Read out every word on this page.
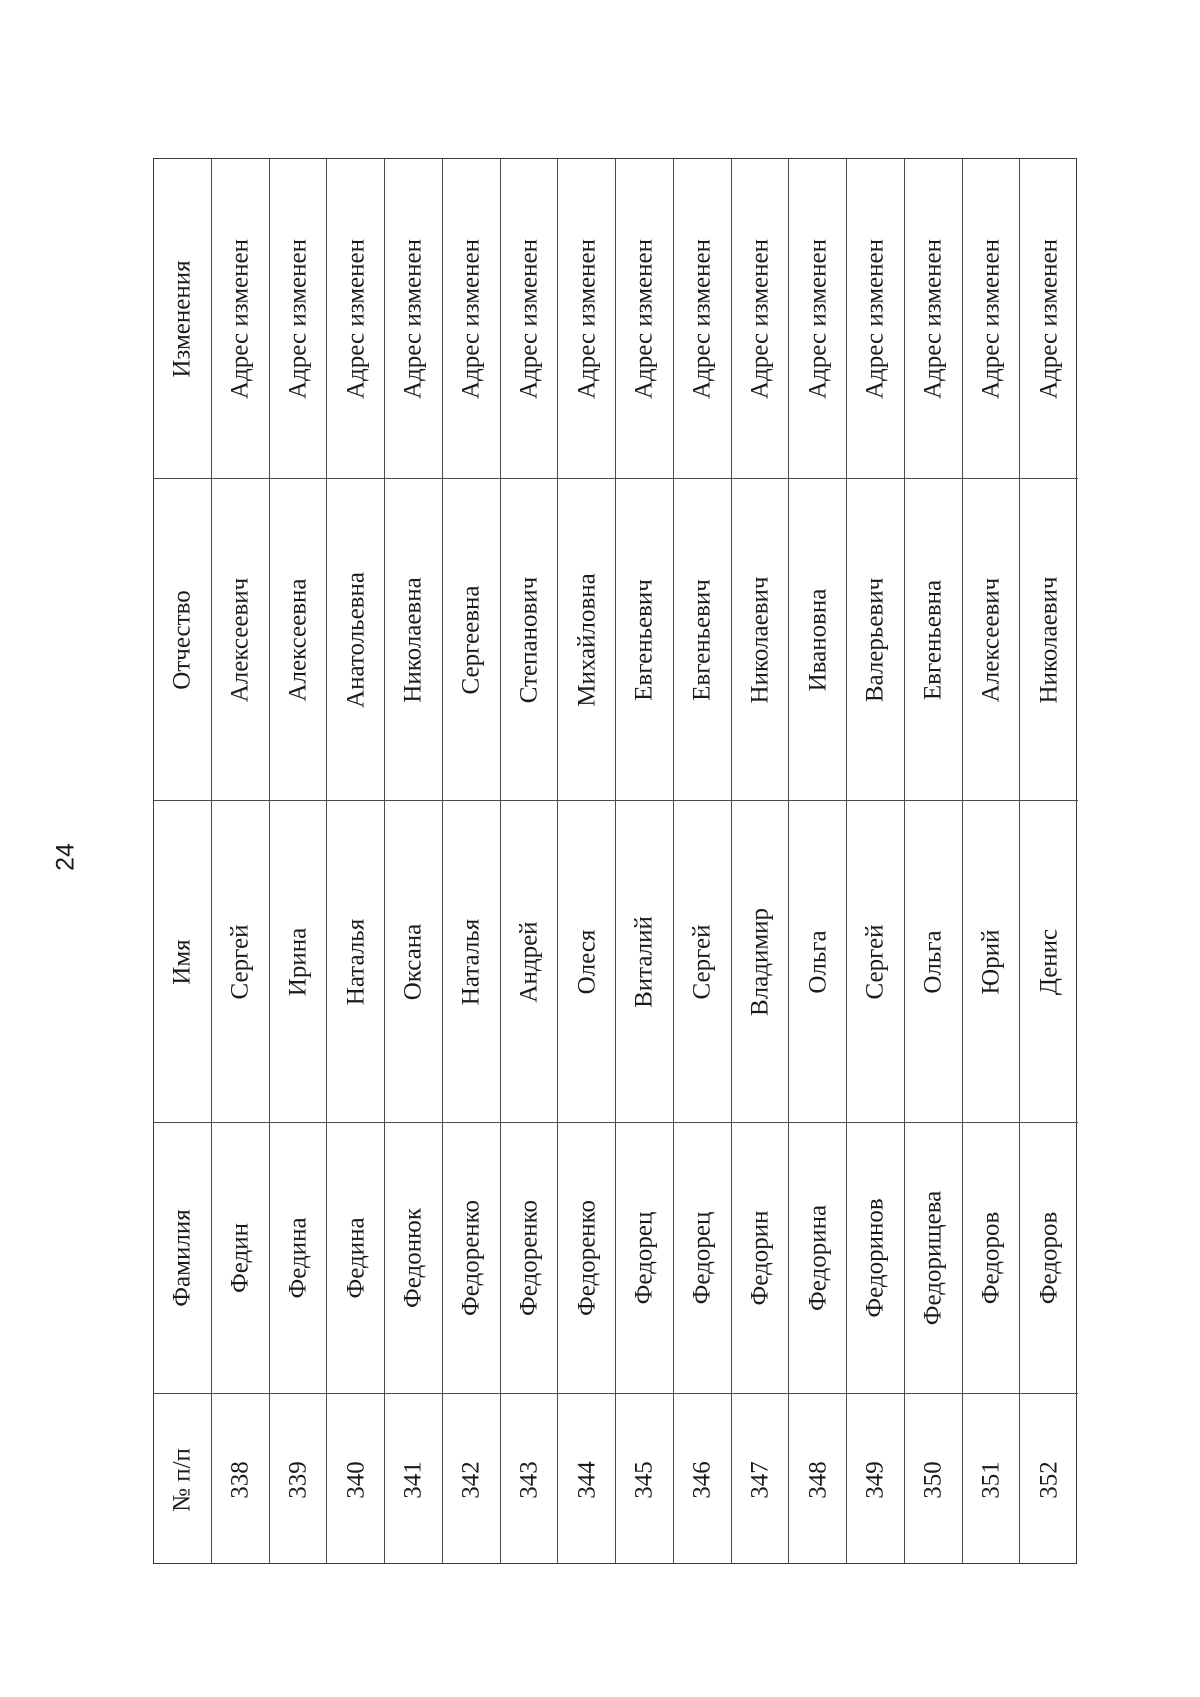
24
Изменения
Отчество
Имя
Фамилия
№ п/п
Адрес изменен
Алексеевич
Сергей
Федин
338
Адрес изменен
Алексеевна
Ирина
Федина
339
Адрес изменен
Анатольевна
Наталья
Федина
340
Адрес изменен
Николаевна
Оксана
Федонюк
341
Адрес изменен
Сергеевна
Наталья
Федоренко
342
Адрес изменен
Степанович
Андрей
Федоренко
343
Адрес изменен
Михайловна
Олеся
Федоренко
344
Адрес изменен
Евгеньевич
Виталий
Федорец
345
Адрес изменен
Евгеньевич
Сергей
Федорец
346
Адрес изменен
Николаевич
Владимир
Федорин
347
Адрес изменен
Ивановна
Ольга
Федорина
348
Адрес изменен
Валерьевич
Сергей
Федоринов
349
Адрес изменен
Евгеньевна
Ольга
Федорищева
350
Адрес изменен
Алексеевич
Юрий
Федоров
351
Адрес изменен
Николаевич
Денис
Федоров
352
